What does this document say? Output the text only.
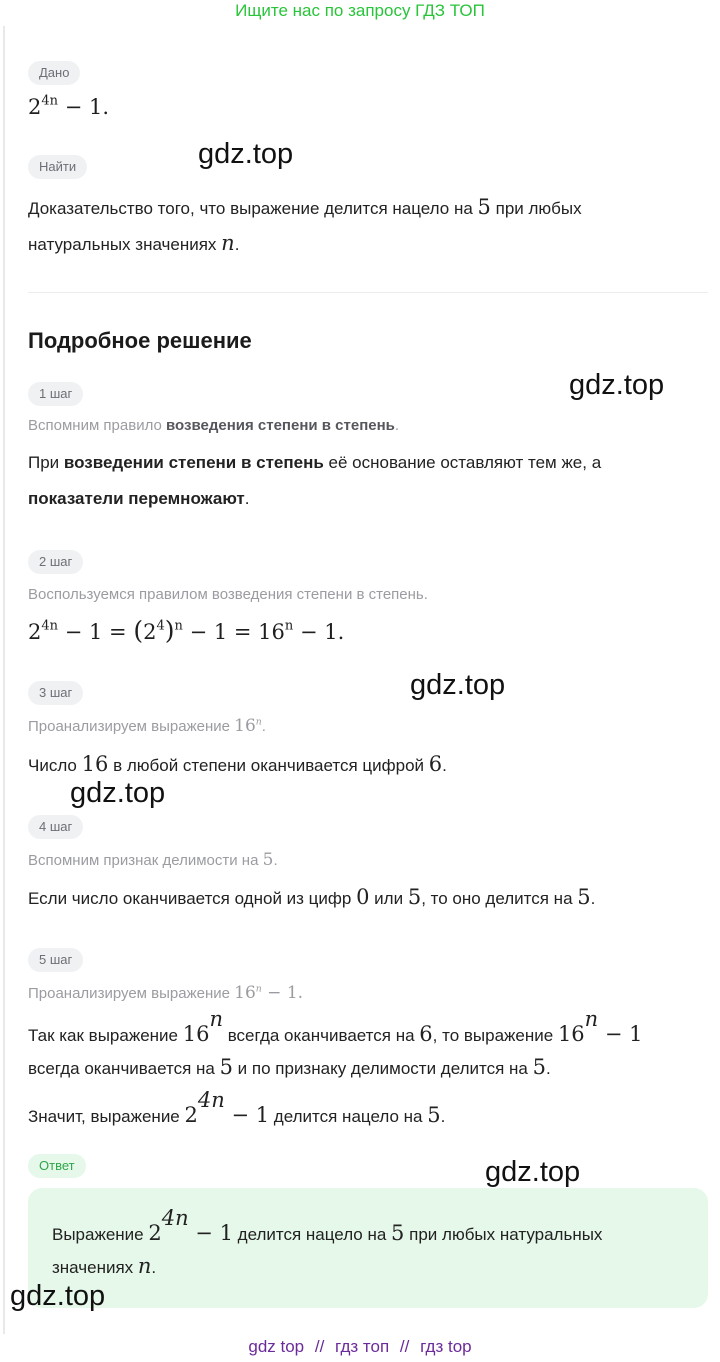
Ищите нас по запросу ГДЗ ТОП
Дано
$2^{4n} - 1$.
Найти
Доказательство того, что выражение делится нацело на 5 при любых
натуральных значениях n.
Подробное решение
1 шаг
Вспомним правило возведения степени в степень.
При возведении степени в степень её основание оставляют тем же, а
показатели перемножают.
2 шаг
Воспользуемся правилом возведения степени в степень.
$2^{4n} - 1 = (2^4)^n - 1 = 16^n - 1$.
3 шаг
Проанализируем выражение 16$^n$.
Число 16 в любой степени оканчивается цифрой 6.
4 шаг
Вспомним признак делимости на 5.
Если число оканчивается одной из цифр 0 или 5, то оно делится на 5.
5 шаг
Проанализируем выражение $16^n - 1$.
Так как выражение 16$^n$ всегда оканчивается на 6, то выражение $16^n - 1$
всегда оканчивается на 5 и по признаку делимости делится на 5.
Значит, выражение $2^{4n} - 1$ делится нацело на 5.
Ответ
Выражение $2^{4n} - 1$ делится нацело на 5 при любых натуральных
значениях n.
gdz.top
gdz.top
gdz.top
gdz.top
gdz.top
gdz.top
gdz top // гдз топ // гдз top
